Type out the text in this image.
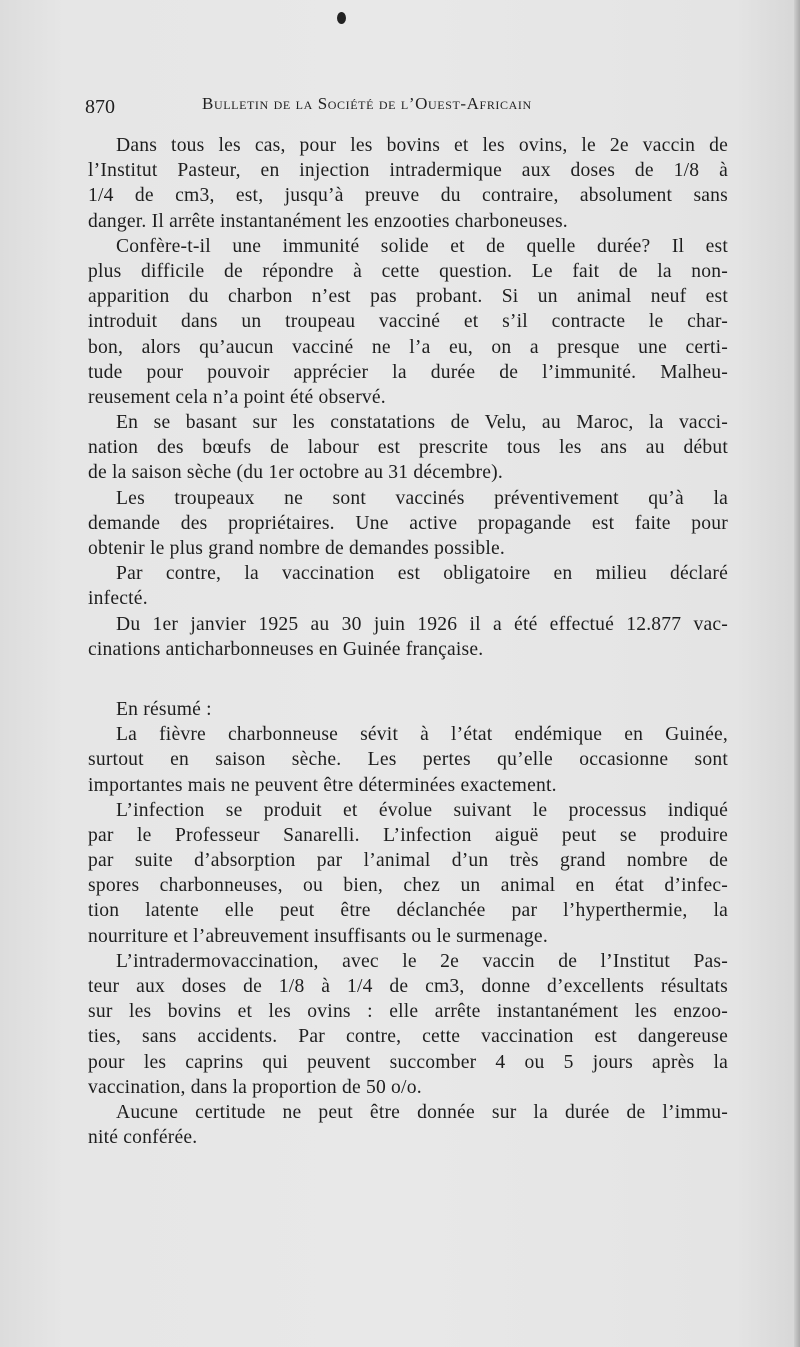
870	Bulletin de la Société de l’Ouest-Africain
Dans tous les cas, pour les bovins et les ovins, le 2e vaccin de
l’Institut Pasteur, en injection intradermique aux doses de 1/8 à
1/4 de cm3, est, jusqu’à preuve du contraire, absolument sans
danger. Il arrête instantanément les enzooties charboneuses.
Confère-t-il une immunité solide et de quelle durée? Il est
plus difficile de répondre à cette question. Le fait de la non-
apparition du charbon n’est pas probant. Si un animal neuf est
introduit dans un troupeau vacciné et s’il contracte le char-
bon, alors qu’aucun vacciné ne l’a eu, on a presque une certi-
tude pour pouvoir apprécier la durée de l’immunité. Malheu-
reusement cela n’a point été observé.
En se basant sur les constatations de Velu, au Maroc, la vacci-
nation des bœufs de labour est prescrite tous les ans au début
de la saison sèche (du 1er octobre au 31 décembre).
Les troupeaux ne sont vaccinés préventivement qu’à la
demande des propriétaires. Une active propagande est faite pour
obtenir le plus grand nombre de demandes possible.
Par contre, la vaccination est obligatoire en milieu déclaré
infecté.
Du 1er janvier 1925 au 30 juin 1926 il a été effectué 12.877 vac-
cinations anticharbonneuses en Guinée française.
En résumé :
La fièvre charbonneuse sévit à l’état endémique en Guinée,
surtout en saison sèche. Les pertes qu’elle occasionne sont
importantes mais ne peuvent être déterminées exactement.
L’infection se produit et évolue suivant le processus indiqué
par le Professeur Sanarelli. L’infection aiguë peut se produire
par suite d’absorption par l’animal d’un très grand nombre de
spores charbonneuses, ou bien, chez un animal en état d’infec-
tion latente elle peut être déclanchée par l’hyperthermie, la
nourriture et l’abreuvement insuffisants ou le surmenage.
L’intradermovaccination, avec le 2e vaccin de l’Institut Pas-
teur aux doses de 1/8 à 1/4 de cm3, donne d’excellents résultats
sur les bovins et les ovins : elle arrête instantanément les enzoo-
ties, sans accidents. Par contre, cette vaccination est dangereuse
pour les caprins qui peuvent succomber 4 ou 5 jours après la
vaccination, dans la proportion de 50 o/o.
Aucune certitude ne peut être donnée sur la durée de l’immu-
nité conférée.
